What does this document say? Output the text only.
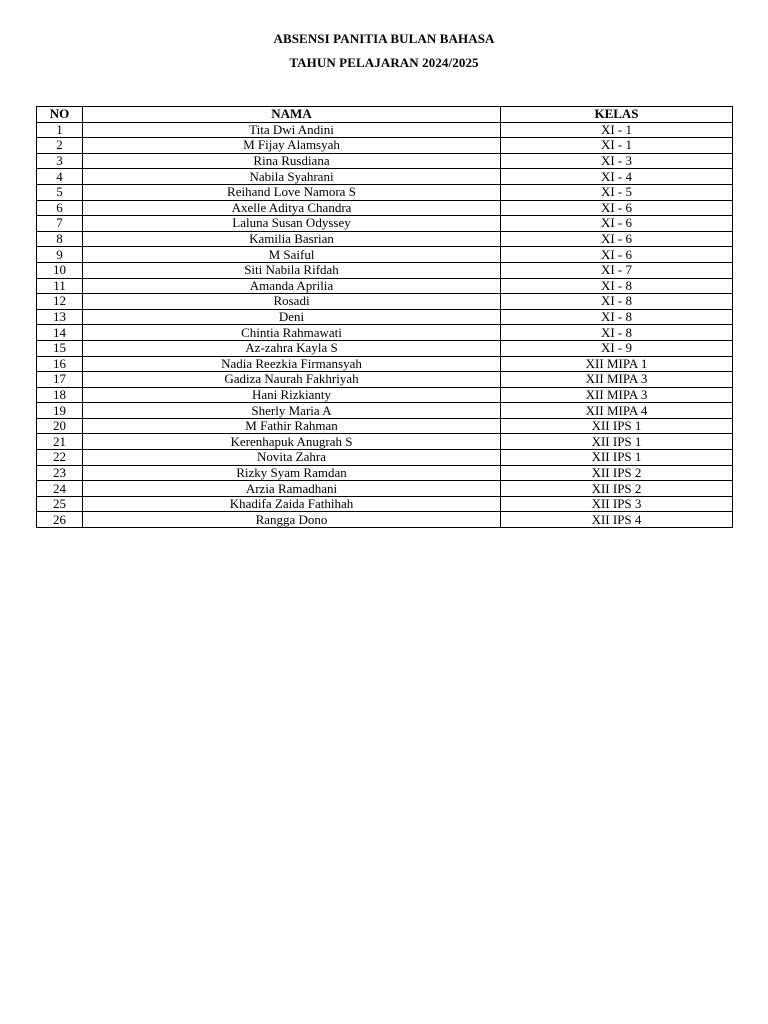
ABSENSI PANITIA BULAN BAHASA
TAHUN PELAJARAN 2024/2025
NO	NAMA	KELAS
1	Tita Dwi Andini	XI - 1
2	M Fijay Alamsyah	XI - 1
3	Rina Rusdiana	XI - 3
4	Nabila Syahrani	XI - 4
5	Reihand Love Namora S	XI - 5
6	Axelle Aditya Chandra	XI - 6
7	Laluna Susan Odyssey	XI - 6
8	Kamilia Basrian	XI - 6
9	M Saiful	XI - 6
10	Siti Nabila Rifdah	XI - 7
11	Amanda Aprilia	XI - 8
12	Rosadi	XI - 8
13	Deni	XI - 8
14	Chintia Rahmawati	XI - 8
15	Az-zahra Kayla S	XI - 9
16	Nadia Reezkia Firmansyah	XII MIPA 1
17	Gadiza Naurah Fakhriyah	XII MIPA 3
18	Hani Rizkianty	XII MIPA 3
19	Sherly Maria A	XII MIPA 4
20	M Fathir Rahman	XII IPS 1
21	Kerenhapuk Anugrah S	XII IPS 1
22	Novita Zahra	XII IPS 1
23	Rizky Syam Ramdan	XII IPS 2
24	Arzia Ramadhani	XII IPS 2
25	Khadifa Zaida Fathihah	XII IPS 3
26	Rangga Dono	XII IPS 4
